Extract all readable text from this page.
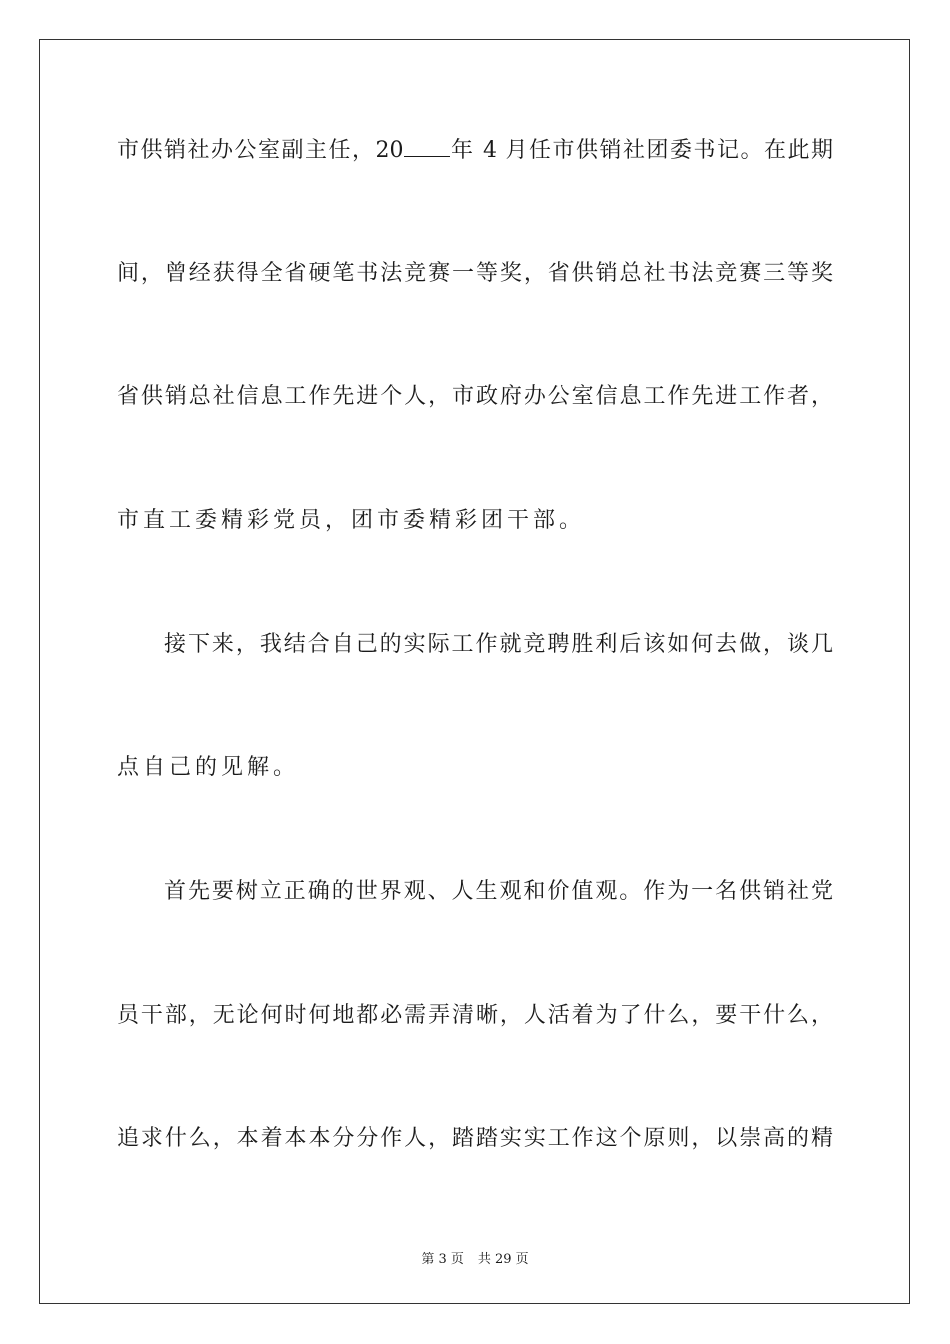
市供销社办公室副主任，20 年 4 月任市供销社团委书记。在此期
间，曾经获得全省硬笔书法竞赛一等奖，省供销总社书法竞赛三等奖
省供销总社信息工作先进个人，市政府办公室信息工作先进工作者，
市直工委精彩党员，团市委精彩团干部。
接下来，我结合自己的实际工作就竞聘胜利后该如何去做，谈几
点自己的见解。
首先要树立正确的世界观、人生观和价值观。作为一名供销社党
员干部，无论何时何地都必需弄清晰，人活着为了什么，要干什么，
追求什么，本着本本分分作人，踏踏实实工作这个原则，以崇高的精
第 3 页 共 29 页
